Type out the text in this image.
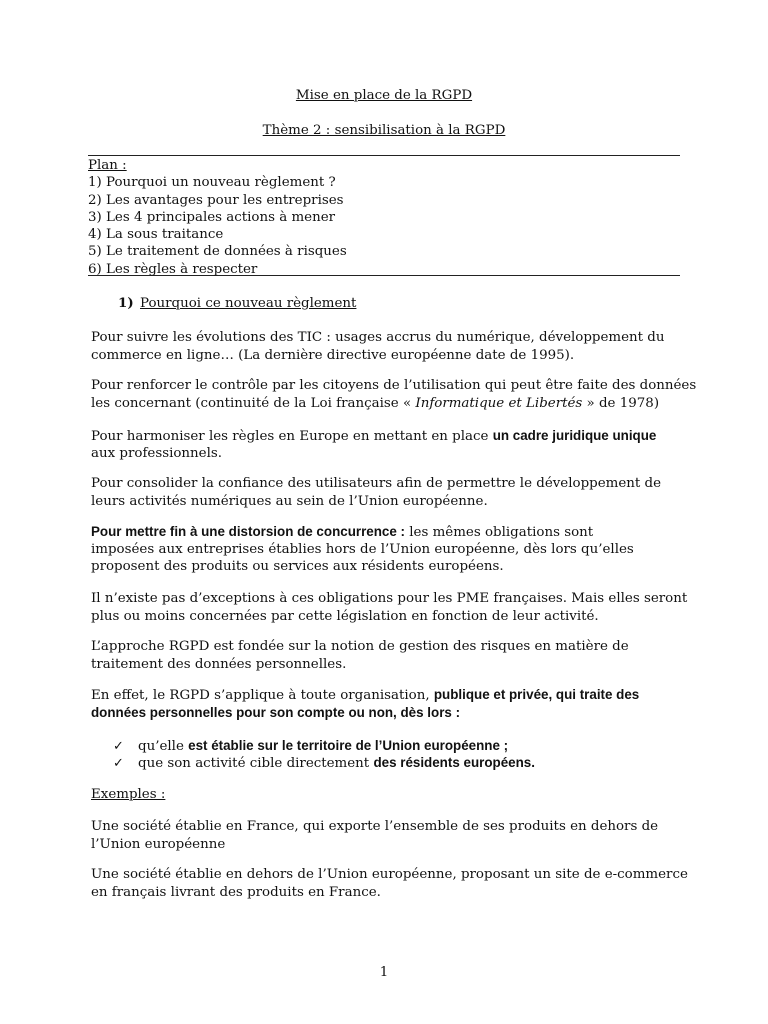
Mise en place de la RGPD
Thème 2 : sensibilisation à la RGPD
Plan :
1) Pourquoi un nouveau règlement ?
2) Les avantages pour les entreprises
3) Les 4 principales actions à mener
4) La sous traitance
5) Le traitement de données à risques
6) Les règles à respecter
1) Pourquoi ce nouveau règlement

Pour suivre les évolutions des TIC : usages accrus du numérique, développement du
commerce en ligne… (La dernière directive européenne date de 1995).

Pour renforcer le contrôle par les citoyens de l’utilisation qui peut être faite des données
les concernant (continuité de la Loi française « Informatique et Libertés » de 1978)

Pour harmoniser les règles en Europe en mettant en place un cadre juridique unique
aux professionnels.

Pour consolider la confiance des utilisateurs afin de permettre le développement de
leurs activités numériques au sein de l’Union européenne.

Pour mettre fin à une distorsion de concurrence : les mêmes obligations sont
imposées aux entreprises établies hors de l’Union européenne, dès lors qu’elles
proposent des produits ou services aux résidents européens.

Il n’existe pas d’exceptions à ces obligations pour les PME françaises. Mais elles seront
plus ou moins concernées par cette législation en fonction de leur activité.

L’approche RGPD est fondée sur la notion de gestion des risques en matière de
traitement des données personnelles.

En effet, le RGPD s’applique à toute organisation, publique et privée, qui traite des
données personnelles pour son compte ou non, dès lors :

✓ qu’elle est établie sur le territoire de l’Union européenne ;
✓ que son activité cible directement des résidents européens.

Exemples :

Une société établie en France, qui exporte l’ensemble de ses produits en dehors de
l’Union européenne

Une société établie en dehors de l’Union européenne, proposant un site de e-commerce
en français livrant des produits en France.

1
